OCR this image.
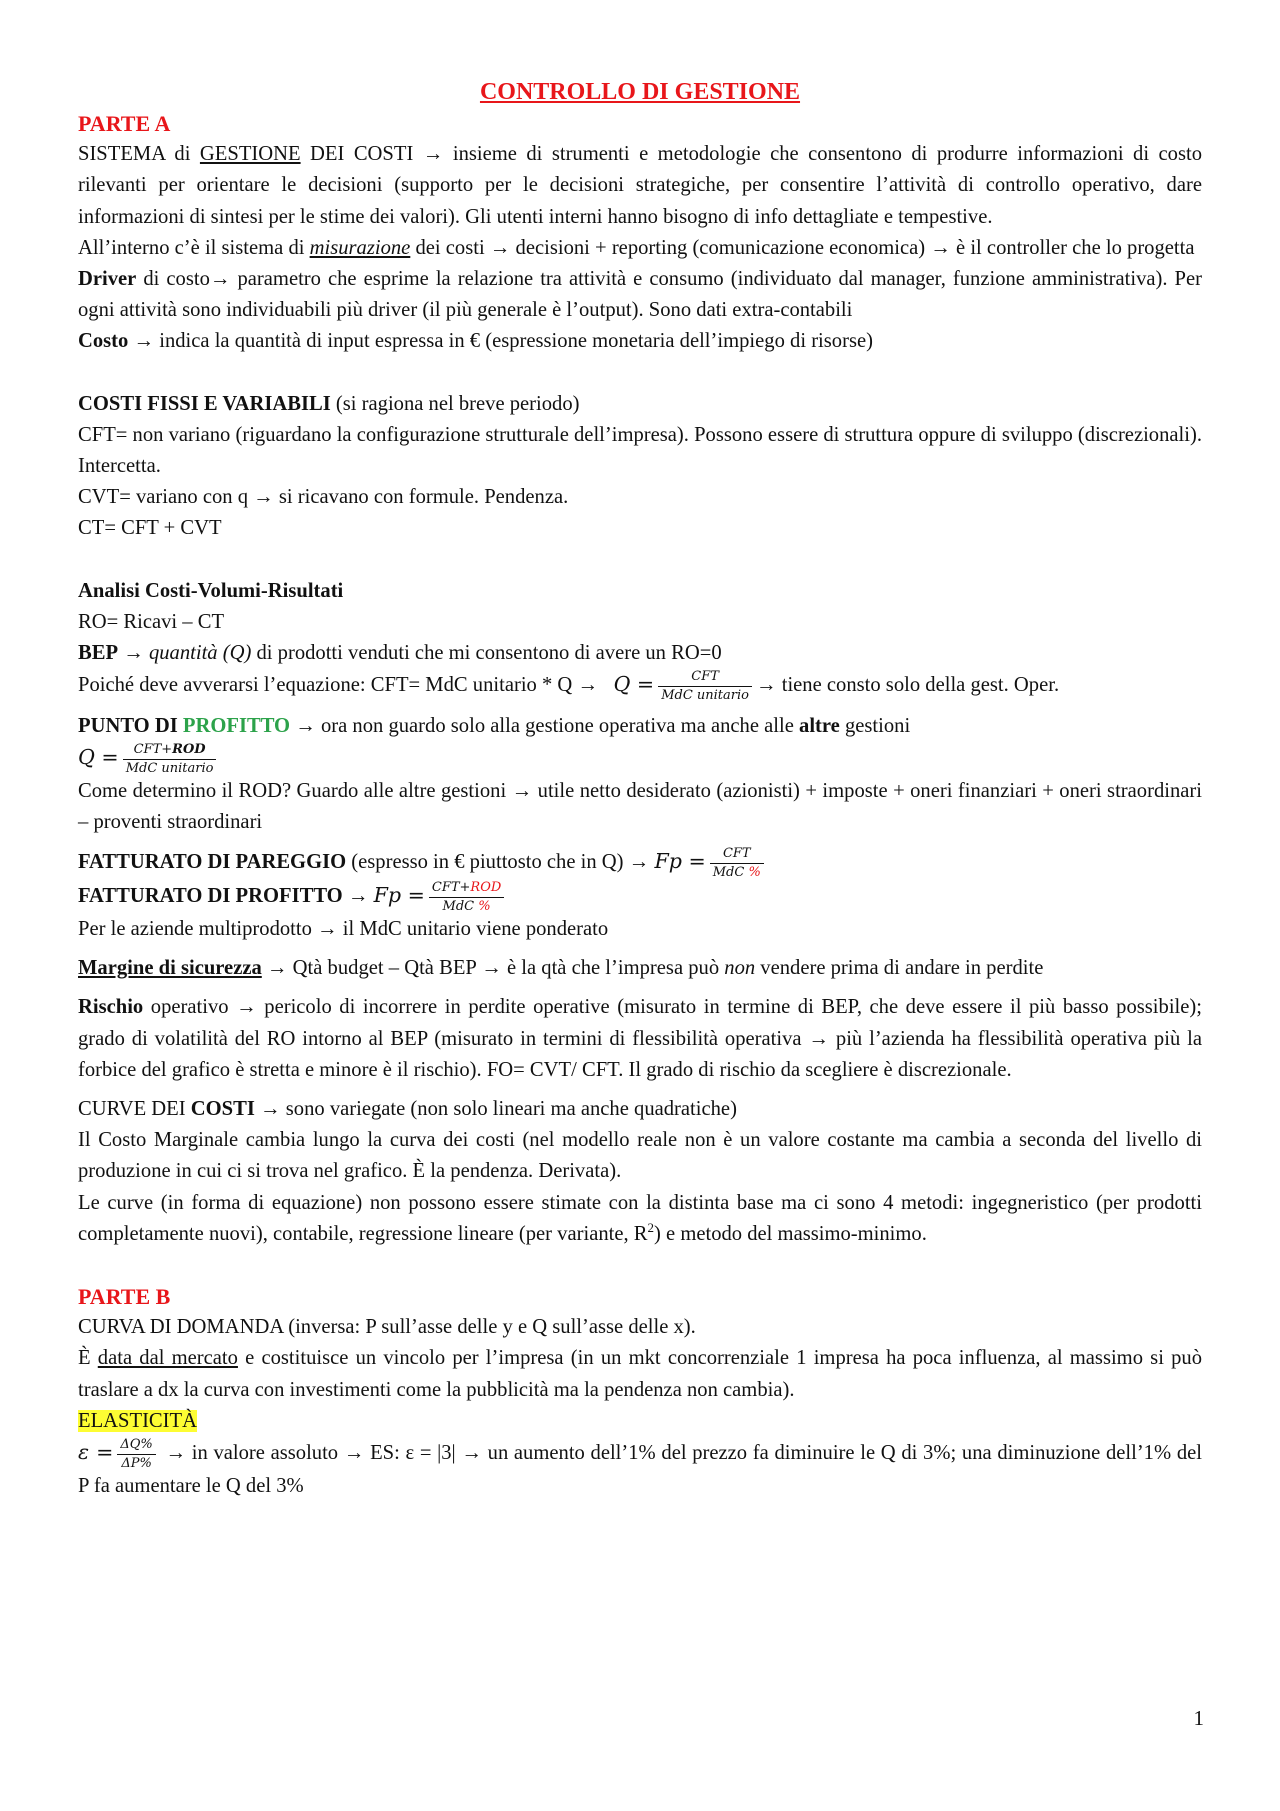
CONTROLLO DI GESTIONE

PARTE A

SISTEMA di GESTIONE DEI COSTI → insieme di strumenti e metodologie che consentono di produrre informazioni di costo rilevanti per orientare le decisioni (supporto per le decisioni strategiche, per consentire l’attività di controllo operativo, dare informazioni di sintesi per le stime dei valori). Gli utenti interni hanno bisogno di info dettagliate e tempestive.

All’interno c’è il sistema di misurazione dei costi → decisioni + reporting (comunicazione economica) → è il controller che lo progetta

Driver di costo→ parametro che esprime la relazione tra attività e consumo (individuato dal manager, funzione amministrativa). Per ogni attività sono individuabili più driver (il più generale è l’output). Sono dati extra-contabili

Costo → indica la quantità di input espressa in € (espressione monetaria dell’impiego di risorse)

COSTI FISSI E VARIABILI (si ragiona nel breve periodo)

CFT= non variano (riguardano la configurazione strutturale dell’impresa). Possono essere di struttura oppure di sviluppo (discrezionali). Intercetta.

CVT= variano con q → si ricavano con formule. Pendenza.

CT= CFT + CVT

Analisi Costi-Volumi-Risultati

RO= Ricavi – CT

BEP → quantità (Q) di prodotti venduti che mi consentono di avere un RO=0

Poiché deve avverarsi l’equazione: CFT= MdC unitario * $Q \to Q = \frac{\text{CFT}}{\text{MdC unitario}}$ → tiene consto solo della gest. Oper.

PUNTO DI PROFITTO → ora non guardo solo alla gestione operativa ma anche alle altre gestioni

$Q = \frac{\text{CFT+ROD}}{\text{MdC unitario}}$

Come determino il ROD? Guardo alle altre gestioni → utile netto desiderato (azionisti) + imposte + oneri finanziari + oneri straordinari – proventi straordinari

FATTURATO DI PAREGGIO (espresso in € piuttosto che in $Q) \to Fp = \frac{\text{CFT}}{\text{MdC \%}}$

FATTURATO DI PROFITTO → $Fp = \frac{\text{CFT+ROD}}{\text{MdC \%}}$

Per le aziende multiprodotto → il MdC unitario viene ponderato

Margine di sicurezza → Qtà budget – Qtà BEP → è la qtà che l’impresa può non vendere prima di andare in perdite

Rischio operativo → pericolo di incorrere in perdite operative (misurato in termine di BEP, che deve essere il più basso possibile); grado di volatilità del RO intorno al BEP (misurato in termini di flessibilità operativa → più l’azienda ha flessibilità operativa più la forbice del grafico è stretta e minore è il rischio). FO= CVT/ CFT. Il grado di rischio da scegliere è discrezionale.

CURVE DEI COSTI → sono variegate (non solo lineari ma anche quadratiche)

Il Costo Marginale cambia lungo la curva dei costi (nel modello reale non è un valore costante ma cambia a seconda del livello di produzione in cui ci si trova nel grafico. È la pendenza. Derivata).

Le curve (in forma di equazione) non possono essere stimate con la distinta base ma ci sono 4 metodi: ingegneristico (per prodotti completamente nuovi), contabile, regressione lineare (per variante, $R^2$) e metodo del massimo-minimo.

PARTE B

CURVA DI DOMANDA (inversa: P sull’asse delle y e Q sull’asse delle x).

È data dal mercato e costituisce un vincolo per l’impresa (in un mkt concorrenziale 1 impresa ha poca influenza, al massimo si può traslare a dx la curva con investimenti come la pubblicità ma la pendenza non cambia).

ELASTICITÀ

$\varepsilon = \frac{\Delta Q\%}{\Delta P\%}$ → in valore assoluto → ES: ε = |3| → un aumento dell’1% del prezzo fa diminuire le Q di 3%; una diminuzione dell’1% del P fa aumentare le Q del 3%

1
